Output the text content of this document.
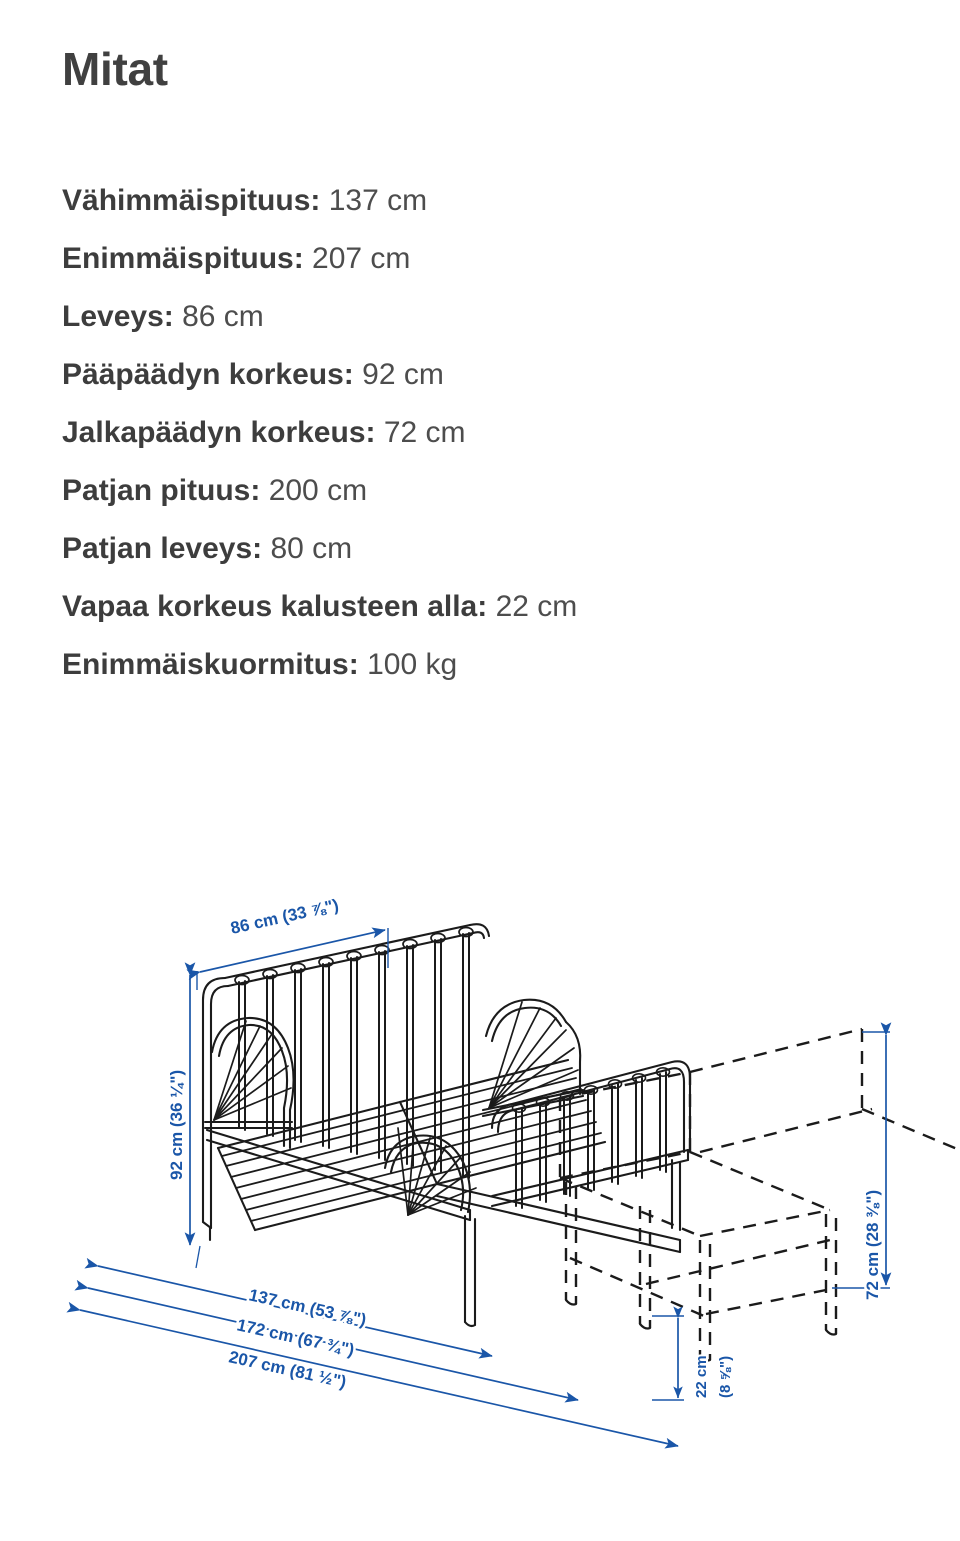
Mitat
Vähimmäispituus: 137 cm
Enimmäispituus: 207 cm
Leveys: 86 cm
Pääpäädyn korkeus: 92 cm
Jalkapäädyn korkeus: 72 cm
Patjan pituus: 200 cm
Patjan leveys: 80 cm
Vapaa korkeus kalusteen alla: 22 cm
Enimmäiskuormitus: 100 kg
86 cm (33 ⅞")
92 cm (36 ¼")
72 cm (28 ⅜")
22 cm (8 ⅝")
137 cm (53 ⅞")
172 cm (67 ¾")
207 cm (81 ½")
